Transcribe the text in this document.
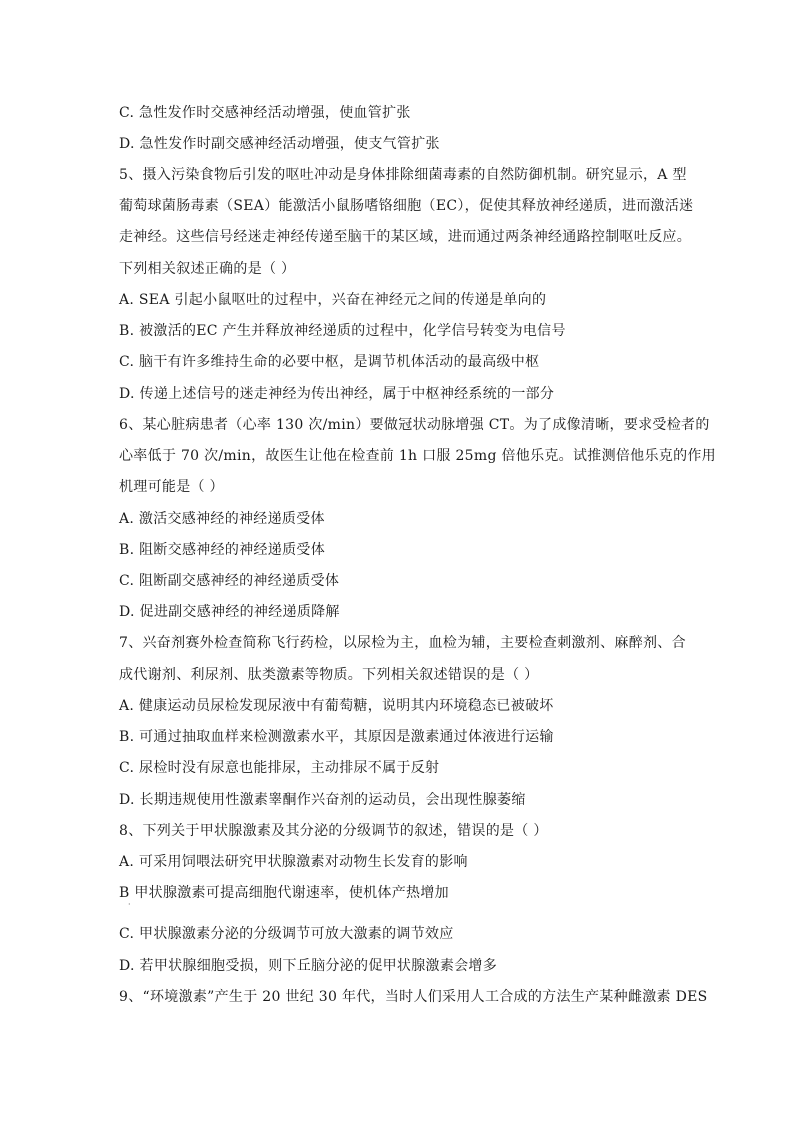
C. 急性发作时交感神经活动增强，使血管扩张
D. 急性发作时副交感神经活动增强，使支气管扩张
5、摄入污染食物后引发的呕吐冲动是身体排除细菌毒素的自然防御机制。研究显示，A 型
葡萄球菌肠毒素（SEA）能激活小鼠肠嗜铬细胞（EC），促使其释放神经递质，进而激活迷
走神经。这些信号经迷走神经传递至脑干的某区域，进而通过两条神经通路控制呕吐反应。
下列相关叙述正确的是（ ）
A. SEA 引起小鼠呕吐的过程中，兴奋在神经元之间的传递是单向的
B. 被激活的EC 产生并释放神经递质的过程中，化学信号转变为电信号
C. 脑干有许多维持生命的必要中枢，是调节机体活动的最高级中枢
D. 传递上述信号的迷走神经为传出神经，属于中枢神经系统的一部分
6、某心脏病患者（心率 130 次/min）要做冠状动脉增强 CT。为了成像清晰，要求受检者的
心率低于 70 次/min，故医生让他在检查前 1h 口服 25mg 倍他乐克。试推测倍他乐克的作用
机理可能是（ ）
A. 激活交感神经的神经递质受体
B. 阻断交感神经的神经递质受体
C. 阻断副交感神经的神经递质受体
D. 促进副交感神经的神经递质降解
7、兴奋剂赛外检查简称飞行药检，以尿检为主，血检为辅，主要检查刺激剂、麻醉剂、合
成代谢剂、利尿剂、肽类激素等物质。下列相关叙述错误的是（ ）
A. 健康运动员尿检发现尿液中有葡萄糖，说明其内环境稳态已被破坏
B. 可通过抽取血样来检测激素水平，其原因是激素通过体液进行运输
C. 尿检时没有尿意也能排尿，主动排尿不属于反射
D. 长期违规使用性激素睾酮作兴奋剂的运动员，会出现性腺萎缩
8、下列关于甲状腺激素及其分泌的分级调节的叙述，错误的是（ ）
A. 可采用饲喂法研究甲状腺激素对动物生长发育的影响
B 甲状腺激素可提高细胞代谢速率，使机体产热增加
·
C. 甲状腺激素分泌的分级调节可放大激素的调节效应
D. 若甲状腺细胞受损，则下丘脑分泌的促甲状腺激素会增多
9、“环境激素”产生于 20 世纪 30 年代，当时人们采用人工合成的方法生产某种雌激素 DES
